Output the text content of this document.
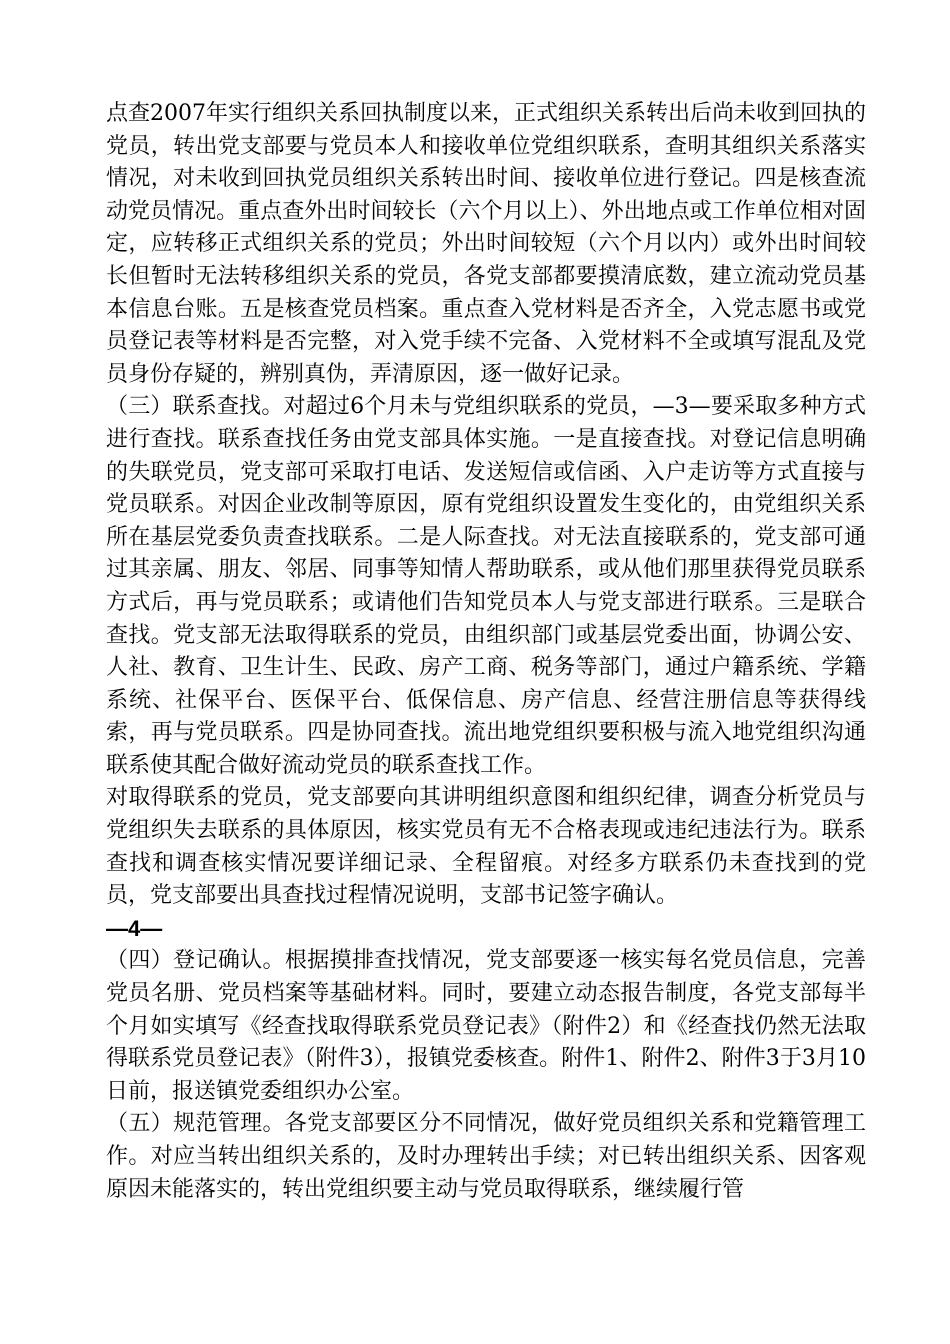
点查2007年实行组织关系回执制度以来，正式组织关系转出后尚未收到回执的党员，转出党支部要与党员本人和接收单位党组织联系，查明其组织关系落实情况，对未收到回执党员组织关系转出时间、接收单位进行登记。四是核查流动党员情况。重点查外出时间较长（六个月以上）、外出地点或工作单位相对固定，应转移正式组织关系的党员；外出时间较短（六个月以内）或外出时间较长但暂时无法转移组织关系的党员，各党支部都要摸清底数，建立流动党员基本信息台账。五是核查党员档案。重点查入党材料是否齐全，入党志愿书或党员登记表等材料是否完整，对入党手续不完备、入党材料不全或填写混乱及党员身份存疑的，辨别真伪，弄清原因，逐一做好记录。

（三）联系查找。对超过6个月未与党组织联系的党员，—3—要采取多种方式进行查找。联系查找任务由党支部具体实施。一是直接查找。对登记信息明确的失联党员，党支部可采取打电话、发送短信或信函、入户走访等方式直接与党员联系。对因企业改制等原因，原有党组织设置发生变化的，由党组织关系所在基层党委负责查找联系。二是人际查找。对无法直接联系的，党支部可通过其亲属、朋友、邻居、同事等知情人帮助联系，或从他们那里获得党员联系方式后，再与党员联系；或请他们告知党员本人与党支部进行联系。三是联合查找。党支部无法取得联系的党员，由组织部门或基层党委出面，协调公安、人社、教育、卫生计生、民政、房产工商、税务等部门，通过户籍系统、学籍系统、社保平台、医保平台、低保信息、房产信息、经营注册信息等获得线索，再与党员联系。四是协同查找。流出地党组织要积极与流入地党组织沟通联系使其配合做好流动党员的联系查找工作。

对取得联系的党员，党支部要向其讲明组织意图和组织纪律，调查分析党员与党组织失去联系的具体原因，核实党员有无不合格表现或违纪违法行为。联系查找和调查核实情况要详细记录、全程留痕。对经多方联系仍未查找到的党员，党支部要出具查找过程情况说明，支部书记签字确认。

—4—

（四）登记确认。根据摸排查找情况，党支部要逐一核实每名党员信息，完善党员名册、党员档案等基础材料。同时，要建立动态报告制度，各党支部每半个月如实填写《经查找取得联系党员登记表》（附件2）和《经查找仍然无法取得联系党员登记表》（附件3），报镇党委核查。附件1、附件2、附件3于3月10日前，报送镇党委组织办公室。

（五）规范管理。各党支部要区分不同情况，做好党员组织关系和党籍管理工作。对应当转出组织关系的，及时办理转出手续；对已转出组织关系、因客观原因未能落实的，转出党组织要主动与党员取得联系，继续履行管
